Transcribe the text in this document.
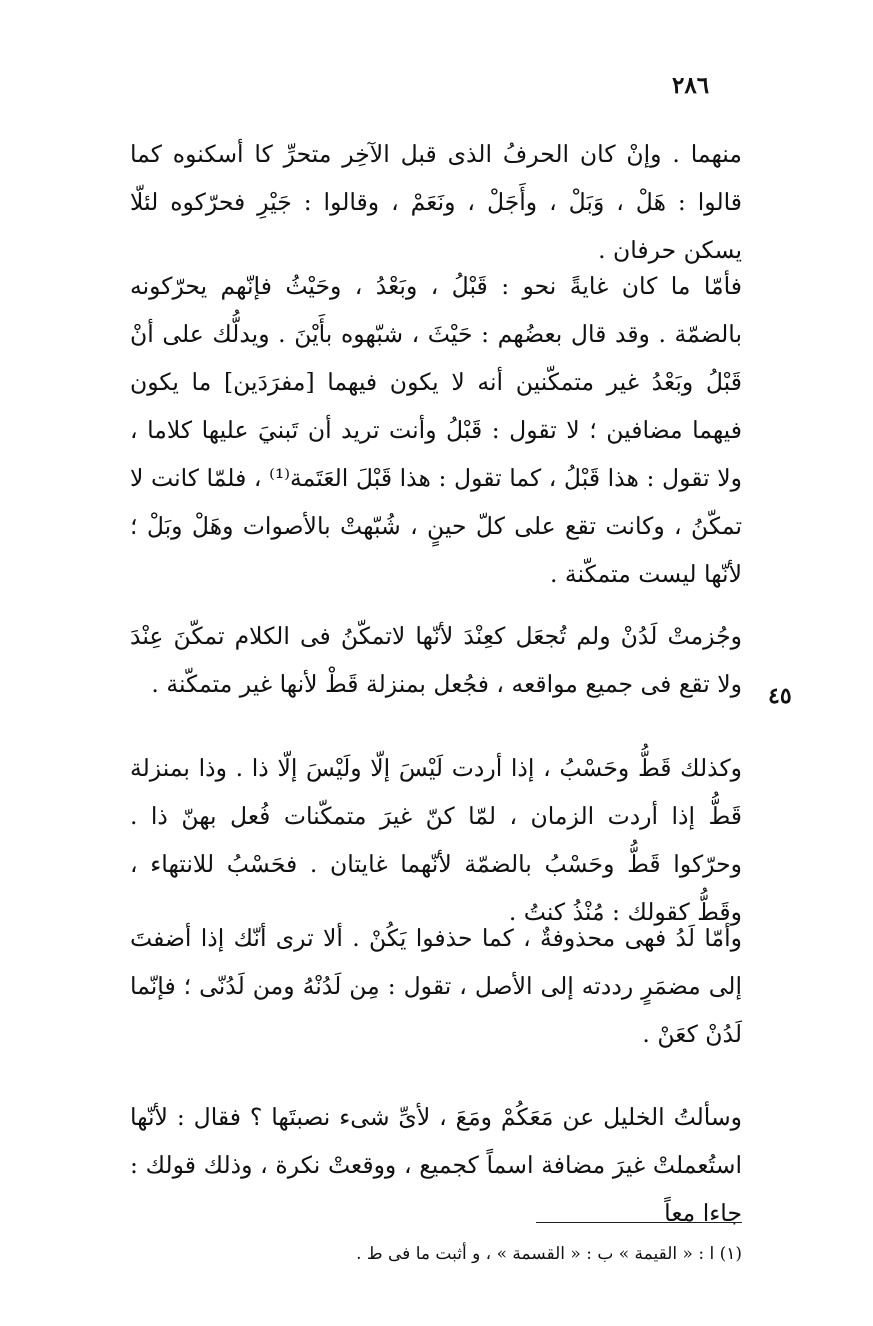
٢٨٦

منهما . وإنْ كان الحرفُ الذى قبل الآخِر متحرِّ كا أسكنوه كما قالوا : هَلْ ، وَبَلْ ، وأَجَلْ ، ونَعَمْ ، وقالوا : جَيْرِ فحرّكوه لئلّا يسكن حرفان .

فأمّا ما كان غايةً نحو : قَبْلُ ، وبَعْدُ ، وحَيْثُ فإنّهم يحرّكونه بالضمّة . وقد قال بعضُهم : حَيْثَ ، شبّهوه بأَيْنَ . ويدلُّك على أنْ قَبْلُ وبَعْدُ غير متمكّنين أنه لا يكون فيهما [مفرَدَين] ما يكون فيهما مضافين ؛ لا تقول : قَبْلُ وأنت تريد أن تَبنيَ عليها كلاما ، ولا تقول : هذا قَبْلُ ، كما تقول : هذا قَبْلَ العَتَمة⁽¹⁾ ، فلمّا كانت لا تمكّنُ ، وكانت تقع على كلّ حينٍ ، شُبّهتْ بالأصوات وهَلْ وبَلْ ؛ لأنّها ليست متمكّنة .

وجُزمتْ لَدُنْ ولم تُجعَل كعِنْدَ لأنّها لاتمكّنُ فى الكلام تمكّنَ عِنْدَ ولا تقع فى جميع مواقعه ، فجُعل بمنزلة قَطْ لأنها غير متمكّنة . ٤٥

وكذلك قَطُّ وحَسْبُ ، إذا أردت لَيْسَ إلّا ولَيْسَ إلّا ذا . وذا بمنزلة قَطُّ إذا أردت الزمان ، لمّا كنّ غيرَ متمكّنات فُعل بهنّ ذا . وحرّكوا قَطُّ وحَسْبُ بالضمّة لأنّهما غايتان . فحَسْبُ للانتهاء ، وقَطُّ كقولك : مُنْذُ كنتُ .

وأمّا لَدُ فهى محذوفةٌ ، كما حذفوا يَكُنْ . ألا ترى أنّك إذا أضفتَ إلى مضمَرٍ رددته إلى الأصل ، تقول : مِن لَدُنْهُ ومن لَدُنّى ؛ فإنّما لَدُنْ كعَنْ .

وسألتُ الخليل عن مَعَكُمْ ومَعَ ، لأىِّ شىء نصبتَها ؟ فقال : لأنّها استُعملتْ غيرَ مضافة اسماً كجميع ، ووقعتْ نكرة ، وذلك قولك : جاءا معاً

(١) ا : « القيمة » ب : « القسمة » ، و أثبت ما فى ط .
